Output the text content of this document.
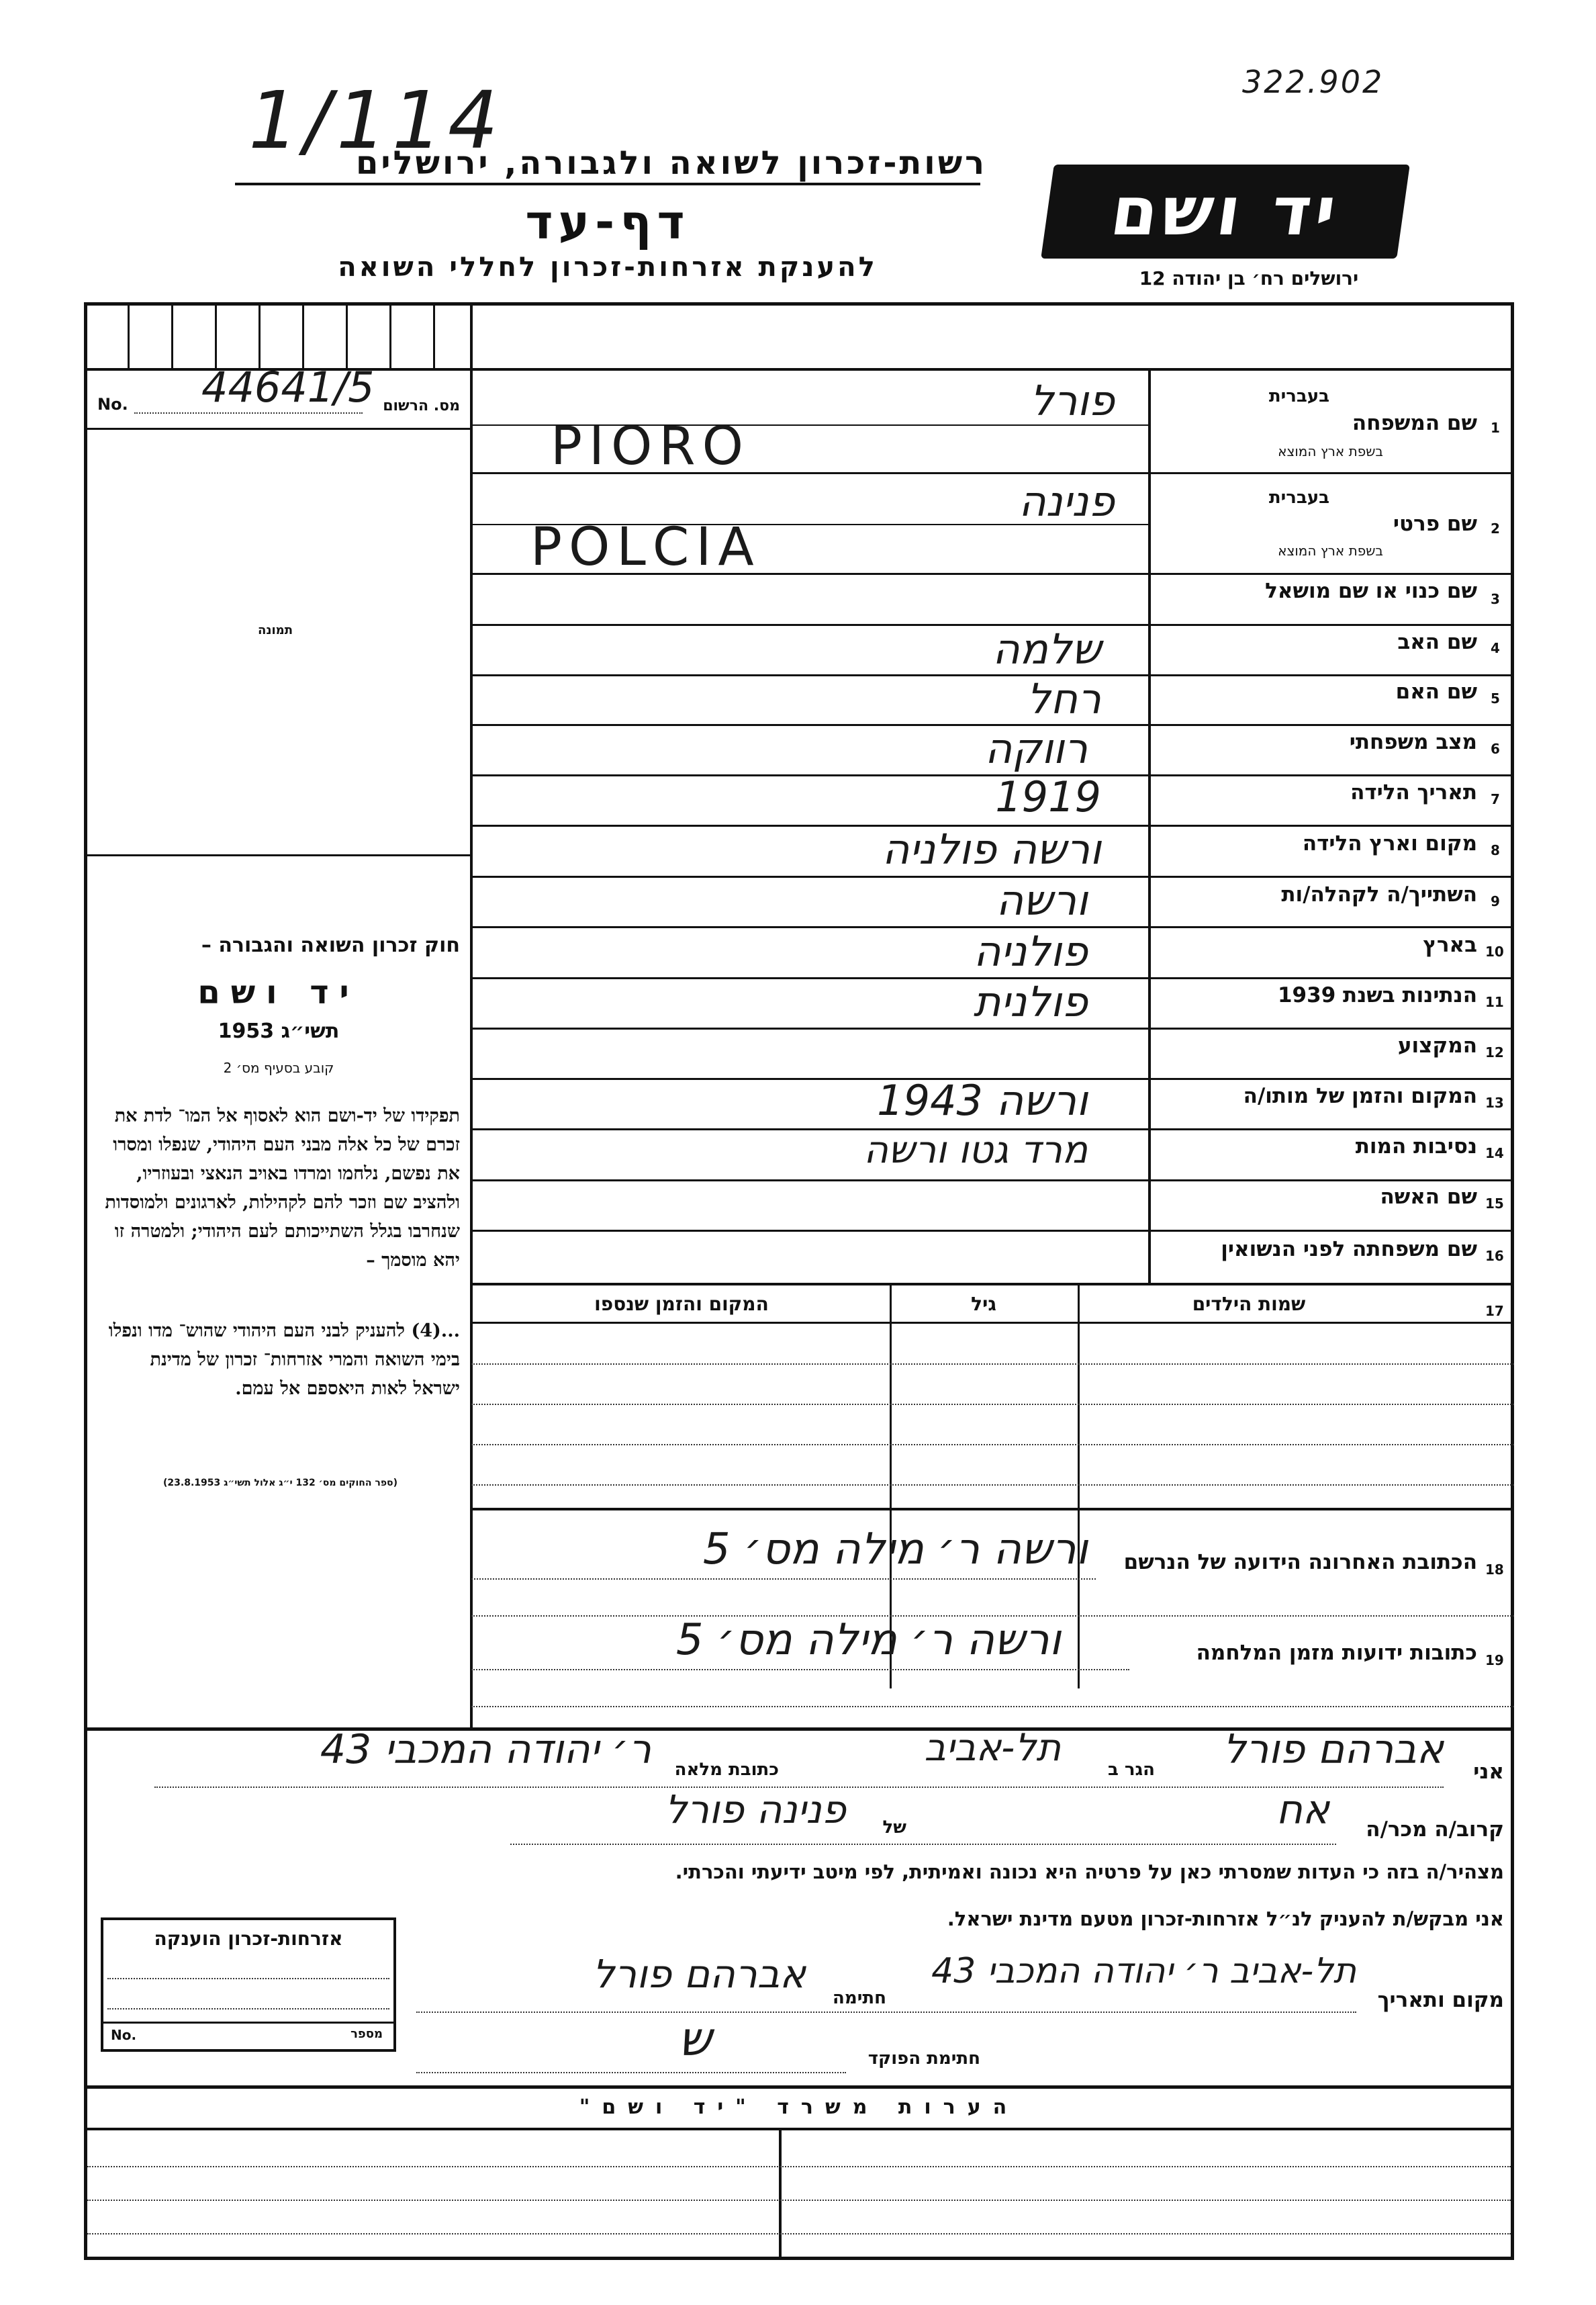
322.902
1/114
רשות-זכרון לשואה ולגבורה, ירושלים
דף-עד
להענקת אזרחות-זכרון לחללי השואה
יד ושם
ירושלים רח׳ בן יהודה 12
No. 44641/5 מס. הרשום
תמונה
חוק זכרון השואה והגבורה –
יד ושם
תשי״ג 1953
קובע בסעיף מס׳ 2
תפקידו של יד-ושם הוא לאסוף אל המו־ לדת את זכרם של כל אלה מבני העם היהודי, שנפלו ומסרו את נפשם, נלחמו ומרדו באויב הנאצי ובעוזריו, ולהציב שם וזכר להם לקהילות, לארגונים ולמוסדות שנחרבו בגלל השתייכותם לעם היהודי; ולמטרה זו יהא מוסמך –
...(4) להעניק לבני העם היהודי שהוש־ מדו ונפלו בימי השואה והמרי אזרחות־ זכרון של מדינת ישראל לאות היאספם אל עמם.
(ספר החוקים מס׳ 132 י״ג אלול תשי״ג 23.8.1953)
1
שם המשפחה
בעברית
בשפת ארץ המוצא
פורל
PIORO
2
שם פרטי
בעברית
בשפת ארץ המוצא
פנינה
POLCIA
3
שם כנוי או שם מושאל
4
שם האב
שלמה
5
שם האם
רחל
6
מצב משפחתי
רווקה
7
תאריך הלידה
1919
8
מקום וארץ הלידה
ורשה פולניה
9
השתייך/ה לקהלה/ות
ורשה
10
בארץ
פולניה
11
הנתינות בשנת 1939
פולנית
12
המקצוע
13
המקום והזמן של מותו/ה
ורשה 1943
14
נסיבות המות
מרד גטו ורשה
15
שם האשה
16
שם משפחתה לפני הנשואין
17
שמות הילדים
גיל
המקום והזמן שנספו
18
הכתובת האחרונה הידועה של הנרשם
ורשה ר׳ מילה מס׳ 5
19
כתובות ידועות מזמן המלחמה
ורשה ר׳ מילה מס׳ 5
אני
אברהם פורל
הגר ב
תל-אביב
כתובת מלאה
ר׳ יהודה המכבי 43
קרוב/ה מכר/ה
אח
של
פנינה פורל
מצהיר/ה בזה כי העדות שמסרתי כאן על פרטיה היא נכונה ואמיתית, לפי מיטב ידיעתי והכרתי.
אני מבקש/ת להעניק לנ״ל אזרחות-זכרון מטעם מדינת ישראל.
מקום ותאריך
תל-אביב ר׳ יהודה המכבי 43
חתימה
אברהם פורל
חתימת הפוקד
ש
אזרחות-זכרון הוענקה
No.	מספר
הערות משרד "יד ושם"
